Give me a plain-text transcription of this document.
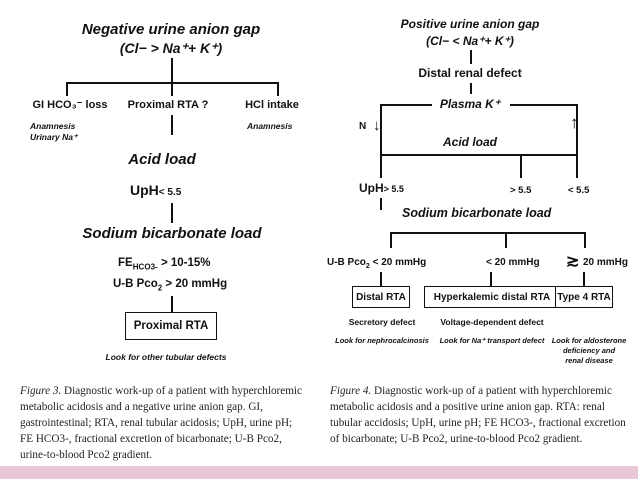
Negative urine anion gap
(Cl− > Na⁺+ K⁺)
GI HCO₃⁻ loss
Anamnesis
Urinary Na⁺
Proximal RTA ?	HCl intake
Anamnesis
Acid load
UpH< 5.5
Sodium bicarbonate load
$FE_{HCO3-} > 10-15\%$
U-B Pco$_2$ > 20 mmHg
Proximal RTA
Look for other tubular defects
Positive urine anion gap
(Cl− < Na⁺+ K⁺)
Distal renal defect
Plasma K⁺
N ↓	↑
Acid load
UpH> 5.5	> 5.5	< 5.5
Sodium bicarbonate load
U-B Pco$_2$ < 20 mmHg	< 20 mmHg ≳ 20 mmHg
Distal RTA	Hyperkalemic distal RTA Type 4 RTA
Secretory defect	Voltage-dependent defect
Look for nephrocalcinosis Look for Na⁺ transport defect Look for aldosterone
deficiency and
renal disease
Figure 3. Diagnostic work-up of a patient with hyperchloremic metabolic acidosis and a negative urine anion gap. GI, gastrointestinal; RTA, renal tubular acidosis; UpH, urine pH; FE HCO3-, fractional excretion of bicarbonate; U-B Pco2, urine-to-blood Pco2 gradient.
Figure 4. Diagnostic work-up of a patient with hyperchloremic metabolic acidosis and a positive urine anion gap. RTA: renal tubular accidosis; UpH, urine pH; FE HCO3-, fractional excretion of bicarbonate; U-B Pco2, urine-to-blood Pco2 gradient.
